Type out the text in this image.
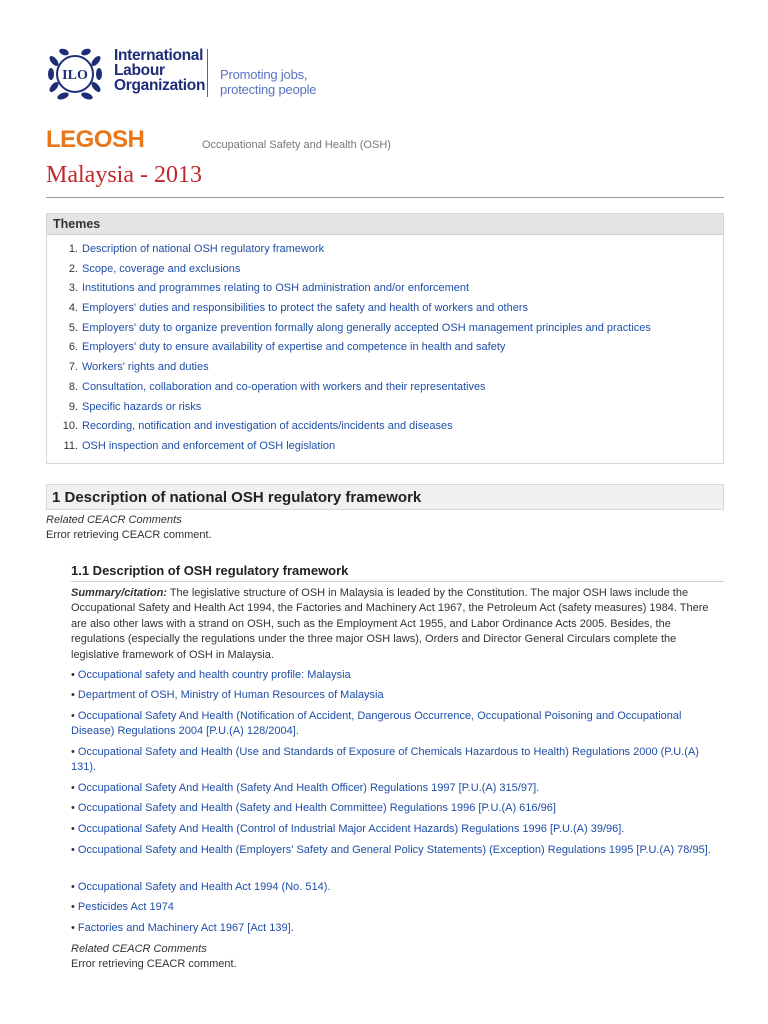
ILO
International
Labour
Organization
Promoting jobs,
protecting people
LEGOSH	Occupational Safety and Health (OSH)
Malaysia - 2013
Themes
1. Description of national OSH regulatory framework
2. Scope, coverage and exclusions
3. Institutions and programmes relating to OSH administration and/or enforcement
4. Employers' duties and responsibilities to protect the safety and health of workers and others
5. Employers' duty to organize prevention formally along generally accepted OSH management principles and practices
6. Employers' duty to ensure availability of expertise and competence in health and safety
7. Workers' rights and duties
8. Consultation, collaboration and co-operation with workers and their representatives
9. Specific hazards or risks
10. Recording, notification and investigation of accidents/incidents and diseases
11. OSH inspection and enforcement of OSH legislation
1 Description of national OSH regulatory framework
Related CEACR Comments
Error retrieving CEACR comment.
1.1 Description of OSH regulatory framework
Summary/citation: The legislative structure of OSH in Malaysia is leaded by the Constitution. The major OSH laws include the Occupational Safety and Health Act 1994, the Factories and Machinery Act 1967, the Petroleum Act (safety measures) 1984. There are also other laws with a strand on OSH, such as the Employment Act 1955, and Labor Ordinance Acts 2005. Besides, the regulations (especially the regulations under the three major OSH laws), Orders and Director General Circulars complete the legislative framework of OSH in Malaysia.
• Occupational safety and health country profile: Malaysia
• Department of OSH, Ministry of Human Resources of Malaysia
• Occupational Safety And Health (Notification of Accident, Dangerous Occurrence, Occupational Poisoning and Occupational Disease) Regulations 2004 [P.U.(A) 128/2004].
• Occupational Safety and Health (Use and Standards of Exposure of Chemicals Hazardous to Health) Regulations 2000 (P.U.(A) 131).
• Occupational Safety And Health (Safety And Health Officer) Regulations 1997 [P.U.(A) 315/97].
• Occupational Safety and Health (Safety and Health Committee) Regulations 1996 [P.U.(A) 616/96]
• Occupational Safety And Health (Control of Industrial Major Accident Hazards) Regulations 1996 [P.U.(A) 39/96].
• Occupational Safety and Health (Employers' Safety and General Policy Statements) (Exception) Regulations 1995 [P.U.(A) 78/95].
• Occupational Safety and Health Act 1994 (No. 514).
• Pesticides Act 1974
• Factories and Machinery Act 1967 [Act 139].
Related CEACR Comments
Error retrieving CEACR comment.
